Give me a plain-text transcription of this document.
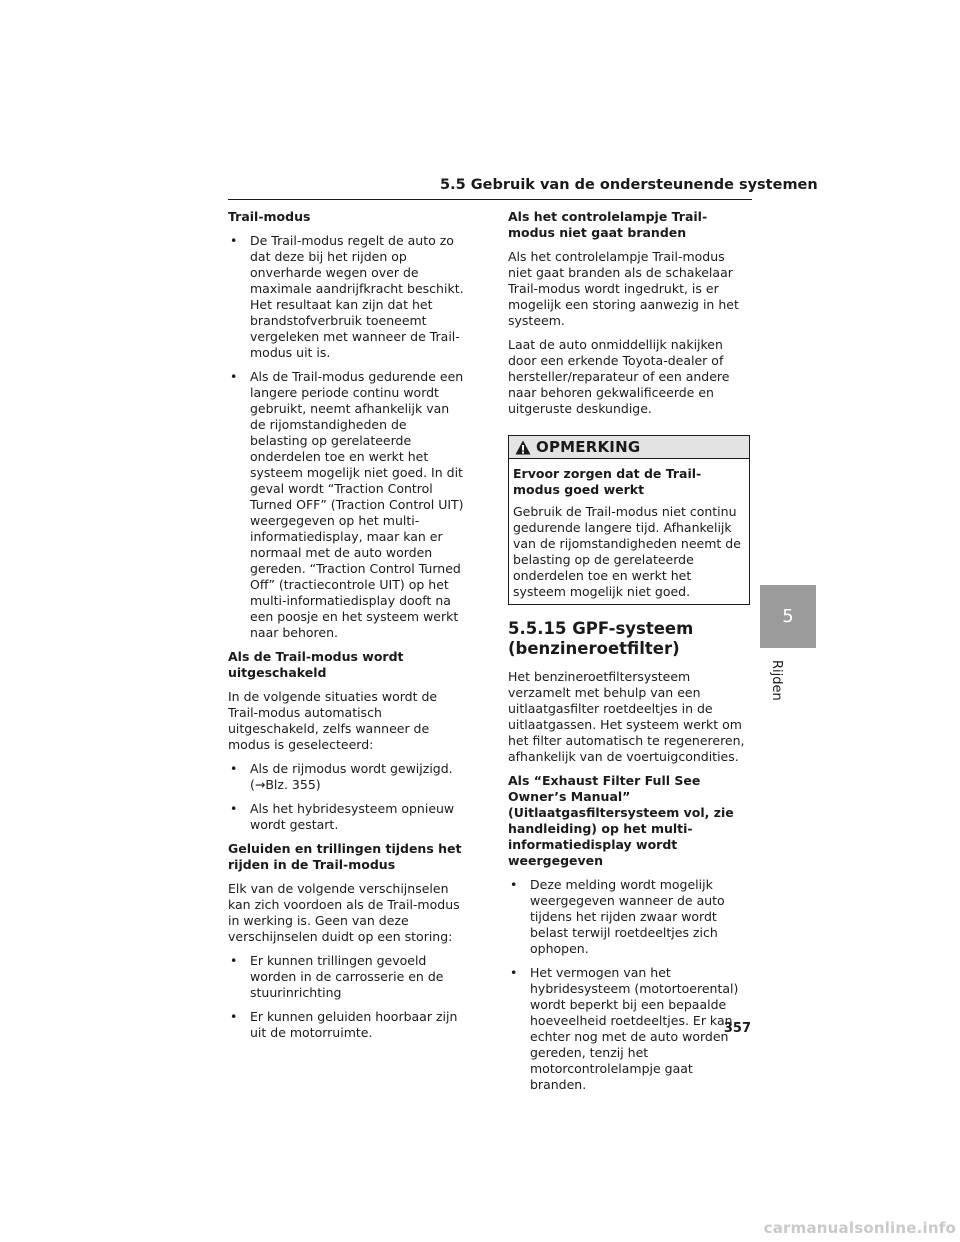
5.5 Gebruik van de ondersteunende systemen
Trail-modus
• De Trail-modus regelt de auto zo dat deze bij het rijden op onverharde wegen over de maximale aandrijfkracht beschikt. Het resultaat kan zijn dat het brandstofverbruik toeneemt vergeleken met wanneer de Trail-modus uit is.
• Als de Trail-modus gedurende een langere periode continu wordt gebruikt, neemt afhankelijk van de rijomstandigheden de belasting op gerelateerde onderdelen toe en werkt het systeem mogelijk niet goed. In dit geval wordt “Traction Control Turned OFF” (Traction Control UIT) weergegeven op het multi-informatiedisplay, maar kan er normaal met de auto worden gereden. “Traction Control Turned Off” (tractiecontrole UIT) op het multi-informatiedisplay dooft na een poosje en het systeem werkt naar behoren.
Als de Trail-modus wordt uitgeschakeld

In de volgende situaties wordt de Trail-modus automatisch uitgeschakeld, zelfs wanneer de modus is geselecteerd:

• Als de rijmodus wordt gewijzigd.
(→Blz. 355)
• Als het hybridesysteem opnieuw wordt gestart.
Geluiden en trillingen tijdens het rijden in de Trail-modus

Elk van de volgende verschijnselen kan zich voordoen als de Trail-modus in werking is. Geen van deze verschijnselen duidt op een storing:

• Er kunnen trillingen gevoeld worden in de carrosserie en de stuurinrichting
• Er kunnen geluiden hoorbaar zijn uit de motorruimte.
Als het controlelampje Trail-modus niet gaat branden

Als het controlelampje Trail-modus niet gaat branden als de schakelaar Trail-modus wordt ingedrukt, is er mogelijk een storing aanwezig in het systeem.

Laat de auto onmiddellijk nakijken door een erkende Toyota-dealer of hersteller/reparateur of een andere naar behoren gekwalificeerde en uitgeruste deskundige.

OPMERKING
Ervoor zorgen dat de Trail-modus goed werkt

Gebruik de Trail-modus niet continu gedurende langere tijd. Afhankelijk van de rijomstandigheden neemt de belasting op de gerelateerde onderdelen toe en werkt het systeem mogelijk niet goed.

5.5.15 GPF-systeem (benzineroetfilter)

Het benzineroetfiltersysteem verzamelt met behulp van een uitlaatgasfilter roetdeeltjes in de uitlaatgassen. Het systeem werkt om het filter automatisch te regenereren, afhankelijk van de voertuigcondities.

Als “Exhaust Filter Full See Owner’s Manual” (Uitlaatgasfiltersysteem vol, zie handleiding) op het multi-informatiedisplay wordt weergegeven
• Deze melding wordt mogelijk weergegeven wanneer de auto tijdens het rijden zwaar wordt belast terwijl roetdeeltjes zich ophopen.
• Het vermogen van het hybridesysteem (motortoerental) wordt beperkt bij een bepaalde hoeveelheid roetdeeltjes. Er kan echter nog met de auto worden gereden, tenzij het motorcontrolelampje gaat branden.
5
Rijden
357
carmanualsonline.info
